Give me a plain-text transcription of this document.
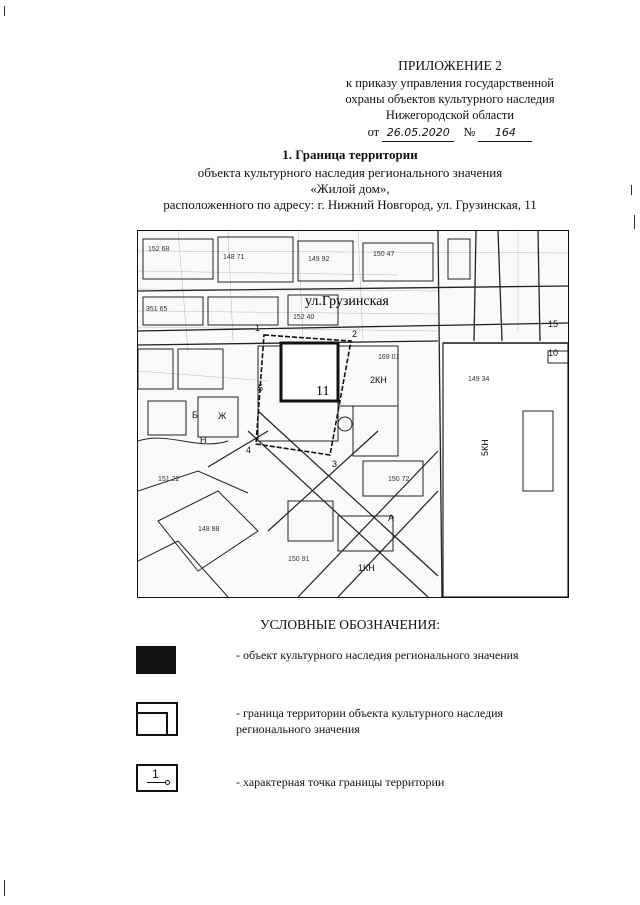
ПРИЛОЖЕНИЕ 2
к приказу управления государственной
охраны объектов культурного наследия
Нижегородской области
от 26.05.2020 № 164
1. Граница территории
объекта культурного наследия регионального значения
«Жилой дом»,
расположенного по адресу: г. Нижний Новгород, ул. Грузинская, 11
ул.Грузинская
11
1
2
3
4
5
10
15
2КН
5КН
1КН
Б
Н
Ж
А
152 68
148 71	149 92
150 47
351 65
152 40
169 01
149 34
151 22
148 88
150 91
150 72
УСЛОВНЫЕ ОБОЗНАЧЕНИЯ:
- объект культурного наследия регионального значения
- граница территории объекта культурного наследия
регионального значения
1
- характерная точка границы территории
